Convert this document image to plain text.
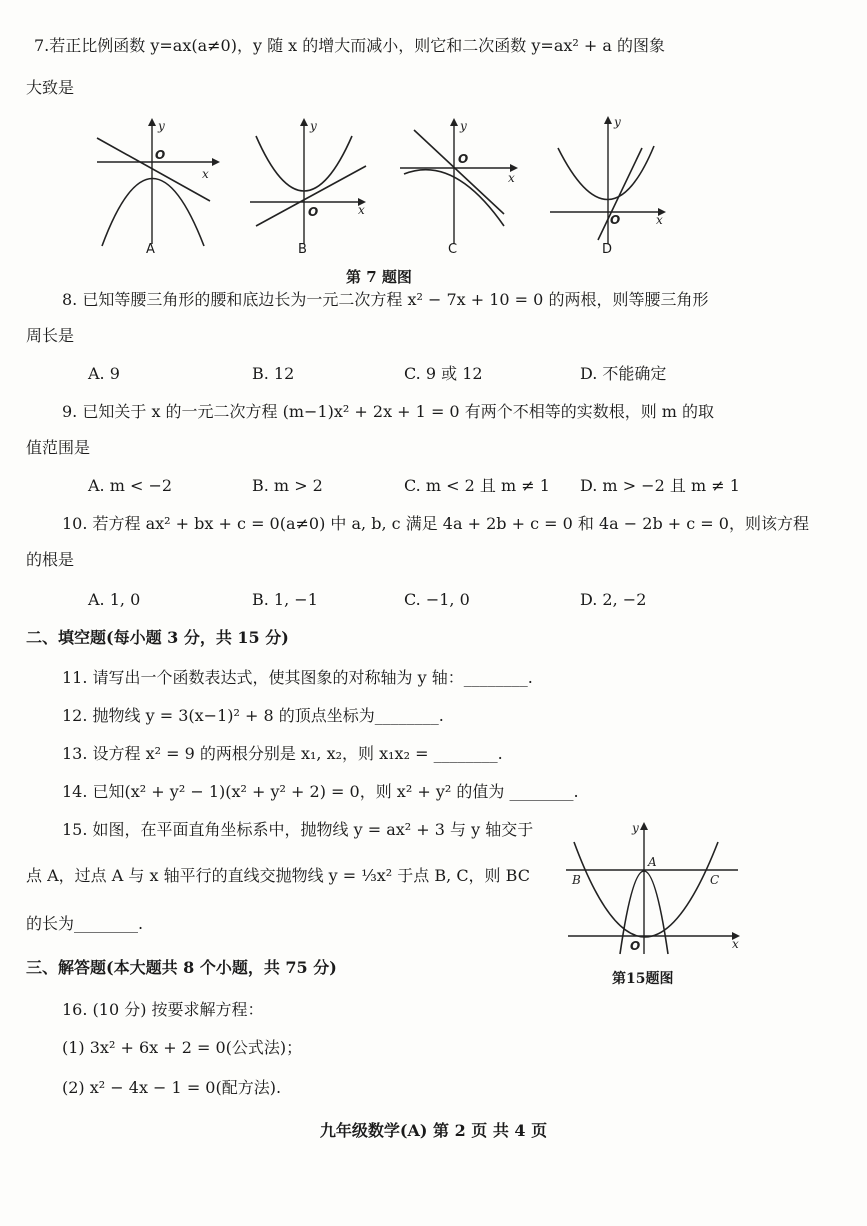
7.若正比例函数 y=ax(a≠0)，y 随 x 的增大而减小，则它和二次函数 y=ax² + a 的图象
大致是
y
x
O
A
y
x
O
B
y
x
O
C
y
x
O
D
第 7 题图
8. 已知等腰三角形的腰和底边长为一元二次方程 x² − 7x + 10 = 0 的两根，则等腰三角形
周长是
A. 9	B. 12	C. 9 或 12	D. 不能确定
9. 已知关于 x 的一元二次方程 (m−1)x² + 2x + 1 = 0 有两个不相等的实数根，则 m 的取
值范围是
A. m < −2	B. m > 2	C. m < 2 且 m ≠ 1 D. m > −2 且 m ≠ 1
10. 若方程 ax² + bx + c = 0(a≠0) 中 a, b, c 满足 4a + 2b + c = 0 和 4a − 2b + c = 0，则该方程
的根是
A. 1, 0	B. 1, −1	C. −1, 0	D. 2, −2
二、填空题(每小题 3 分，共 15 分)
11. 请写出一个函数表达式，使其图象的对称轴为 y 轴：________.
12. 抛物线 y = 3(x−1)² + 8 的顶点坐标为________.
13. 设方程 x² = 9 的两根分别是 x₁, x₂，则 x₁x₂ = ________.
14. 已知(x² + y² − 1)(x² + y² + 2) = 0，则 x² + y² 的值为 ________.
15. 如图，在平面直角坐标系中，抛物线 y = ax² + 3 与 y 轴交于
点 A，过点 A 与 x 轴平行的直线交抛物线 y = ⅓x² 于点 B, C，则 BC
的长为________.
y
x
A
B	C
O
第15题图
三、解答题(本大题共 8 个小题，共 75 分)
16. (10 分) 按要求解方程：
(1) 3x² + 6x + 2 = 0(公式法)；
(2) x² − 4x − 1 = 0(配方法).
九年级数学(A) 第 2 页 共 4 页
